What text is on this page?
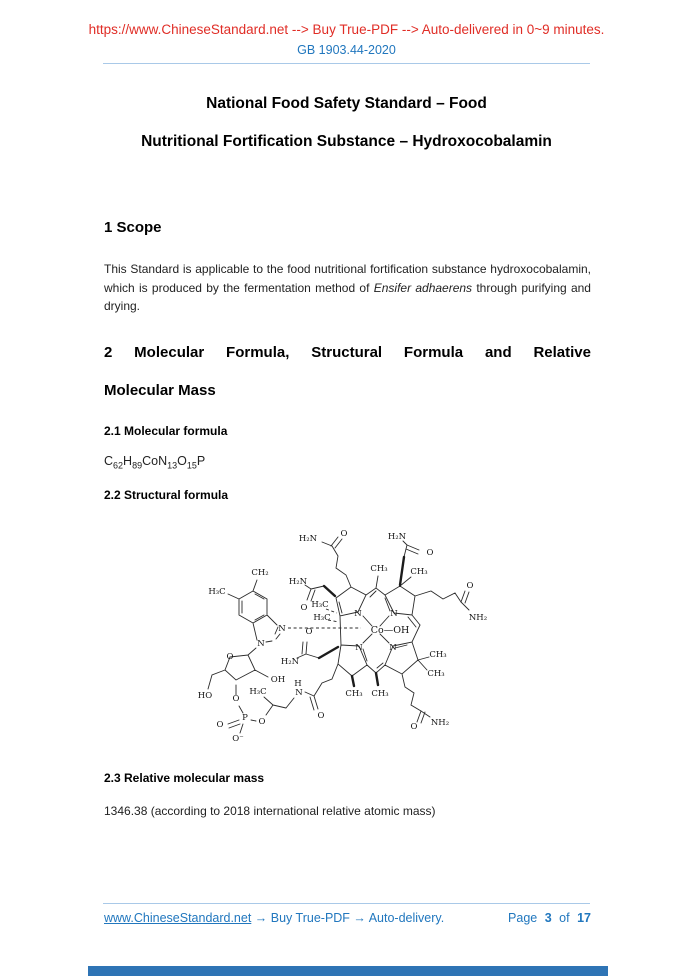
https://www.ChineseStandard.net --> Buy True-PDF --> Auto-delivered in 0~9 minutes.
GB 1903.44-2020
National Food Safety Standard – Food
Nutritional Fortification Substance – Hydroxocobalamin
1 Scope
This Standard is applicable to the food nutritional fortification substance hydroxocobalamin, which is produced by the fermentation method of Ensifer adhaerens through purifying and drying.
2 Molecular Formula, Structural Formula and Relative
Molecular Mass
2.1 Molecular formula
$C_{62}H_{89}CoN_{13}O_{15}P$
2.2 Structural formula
H₂N	O
CH₃
H₂N
O
CH₃
O
NH₂
H₂N
O H₃C
H₃C
CH₂
H₃C
N
N
N	N
N	N
Co—OH
CH₃
CH₃
O
H₂N
O
OH
HO	H₃C
H
N
O
CH₃ CH₃
O
P
O
O⁻
O	O NH₂
2.3 Relative molecular mass
1346.38 (according to 2018 international relative atomic mass)
www.ChineseStandard.net → Buy True-PDF → Auto-delivery.	Page 3 of 17
